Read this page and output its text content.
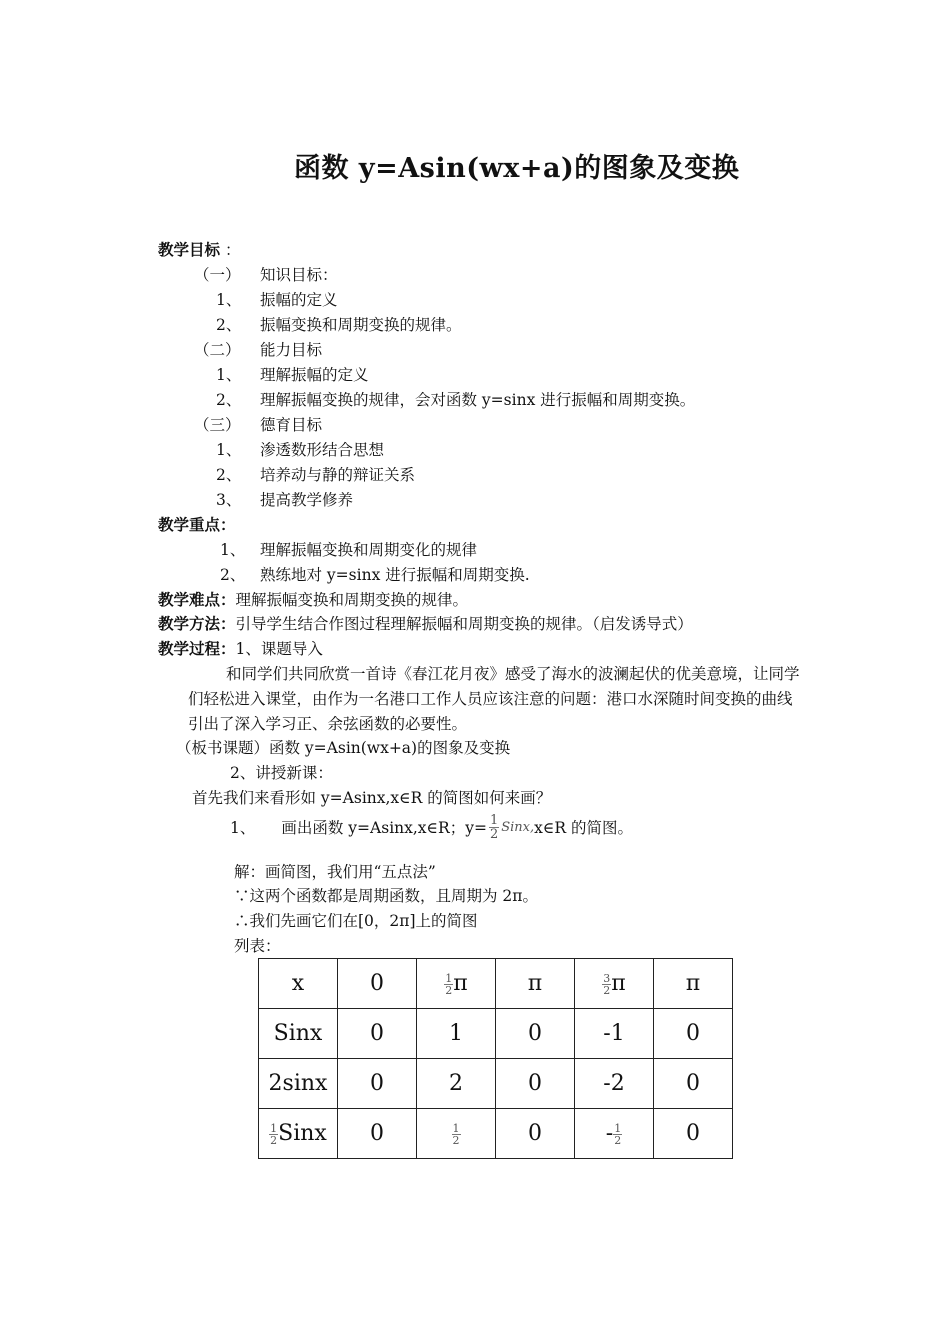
函数 y=Asin(wx+a)的图象及变换
教学目标 ：
（一） 知识目标：
1、 振幅的定义
2、 振幅变换和周期变换的规律。
（二） 能力目标
1、 理解振幅的定义
2、 理解振幅变换的规律，会对函数 y=sinx 进行振幅和周期变换。
（三） 德育目标
1、 渗透数形结合思想
2、 培养动与静的辩证关系
3、 提高教学修养
教学重点：
1、 理解振幅变换和周期变化的规律
2、 熟练地对 y=sinx 进行振幅和周期变换.
教学难点：理解振幅变换和周期变换的规律。
教学方法：引导学生结合作图过程理解振幅和周期变换的规律。（启发诱导式）
教学过程：1、课题导入
和同学们共同欣赏一首诗《春江花月夜》感受了海水的波澜起伏的优美意境，让同学
们轻松进入课堂，由作为一名港口工作人员应该注意的问题：港口水深随时间变换的曲线
引出了深入学习正、余弦函数的必要性。
（板书课题）函数 y=Asin(wx+a)的图象及变换
2、讲授新课：
首先我们来看形如 y=Asinx,x∈R 的简图如何来画？
1、 画出函数 y=Asinx,x∈R；$y= \frac{1}{2}$ Sinx, x∈R 的简图。
解：画简图，我们用“五点法”
∵这两个函数都是周期函数，且周期为 2π。
∴我们先画它们在[0，2π]上的简图
列表：
x	0	$\frac{1}{2}$ π	π	$\frac{3}{2}$ π	π
Sinx	0	1	0	-1	0
2sinx	0	2	0	-2	0

$\frac{1}{2}$ Sinx	0	$\frac{1}{2}$	0	- $\frac{1}{2}$	0
